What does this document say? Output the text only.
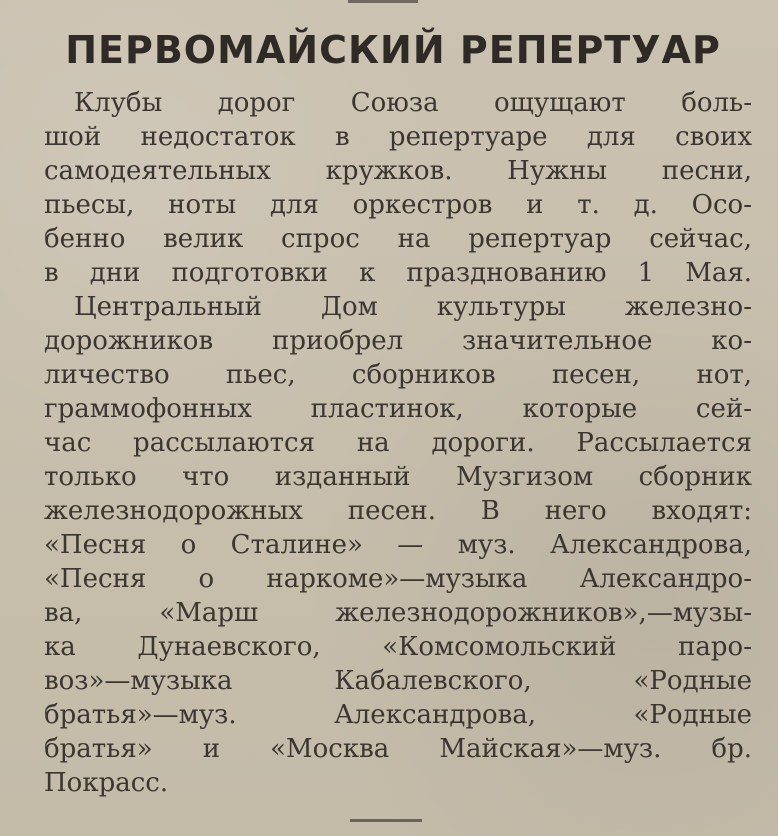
ПЕРВОМАЙСКИЙ РЕПЕРТУАР
Клубы дорог Союза ощущают боль-
шой недостаток в репертуаре для своих
самодеятельных кружков. Нужны песни,
пьесы, ноты для оркестров и т. д. Осо-
бенно велик спрос на репертуар сейчас,
в дни подготовки к празднованию 1 Мая.
Центральный Дом культуры железно-
дорожников приобрел значительное ко-
личество пьес, сборников песен, нот,
граммофонных пластинок, которые сей-
час рассылаются на дороги. Рассылается
только что изданный Музгизом сборник
железнодорожных песен. В него входят:
«Песня о Сталине» — муз. Александрова,
«Песня о наркоме»—музыка Александро-
ва, «Марш железнодорожников»,—музы-
ка Дунаевского, «Комсомольский паро-
воз»—музыка Кабалевского, «Родные
братья»—муз. Александрова, «Родные
братья» и «Москва Майская»—муз. бр.
Покрасс.
